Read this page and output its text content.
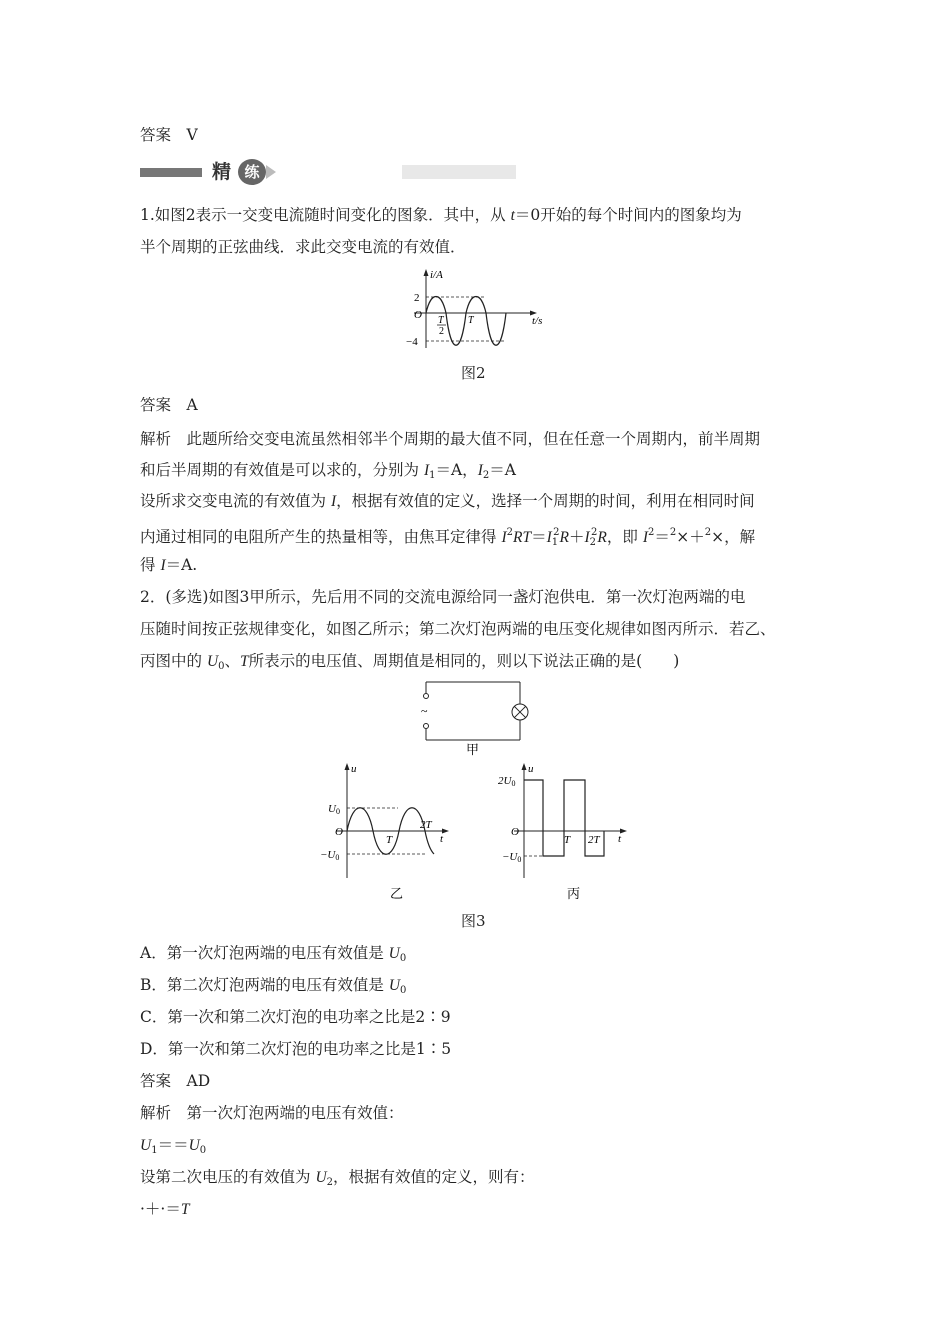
答案　V
精 练
1.如图2表示一交变电流随时间变化的图象．其中，从 t＝0开始的每个时间内的图象均为
半个周期的正弦曲线．求此交变电流的有效值．
i/A
2
O
−4
T
2
T	t/s
图2
答案　A
解析　此题所给交变电流虽然相邻半个周期的最大值不同，但在任意一个周期内，前半周期
和后半周期的有效值是可以求的，分别为 $I_1=A$，$I_2=A$
设所求交变电流的有效值为 I，根据有效值的定义，选择一个周期的时间，利用在相同时间
内通过相同的电阻所产生的热量相等，由焦耳定律得 $I^2RT=I_1^2R+I_2^2R$，即 $I^2=^2\times+^2\times$，解
得 I＝A.
2．(多选)如图3甲所示，先后用不同的交流电源给同一盏灯泡供电．第一次灯泡两端的电
压随时间按正弦规律变化，如图乙所示；第二次灯泡两端的电压变化规律如图丙所示．若乙、
丙图中的 $U_0$、T所表示的电压值、周期值是相同的，则以下说法正确的是(　　)
~
甲
u
U0
O
−U0
T
2T
t
乙
2U0
u
O
−U0
T 2T t
丙
图3
A．第一次灯泡两端的电压有效值是 $U_0$
B．第二次灯泡两端的电压有效值是 $U_0$
C．第一次和第二次灯泡的电功率之比是2∶9
D．第一次和第二次灯泡的电功率之比是1∶5
答案　AD
解析　第一次灯泡两端的电压有效值：
$U_1==U_0$
设第二次电压的有效值为 $U_2$，根据有效值的定义，则有：
·＋·＝T
